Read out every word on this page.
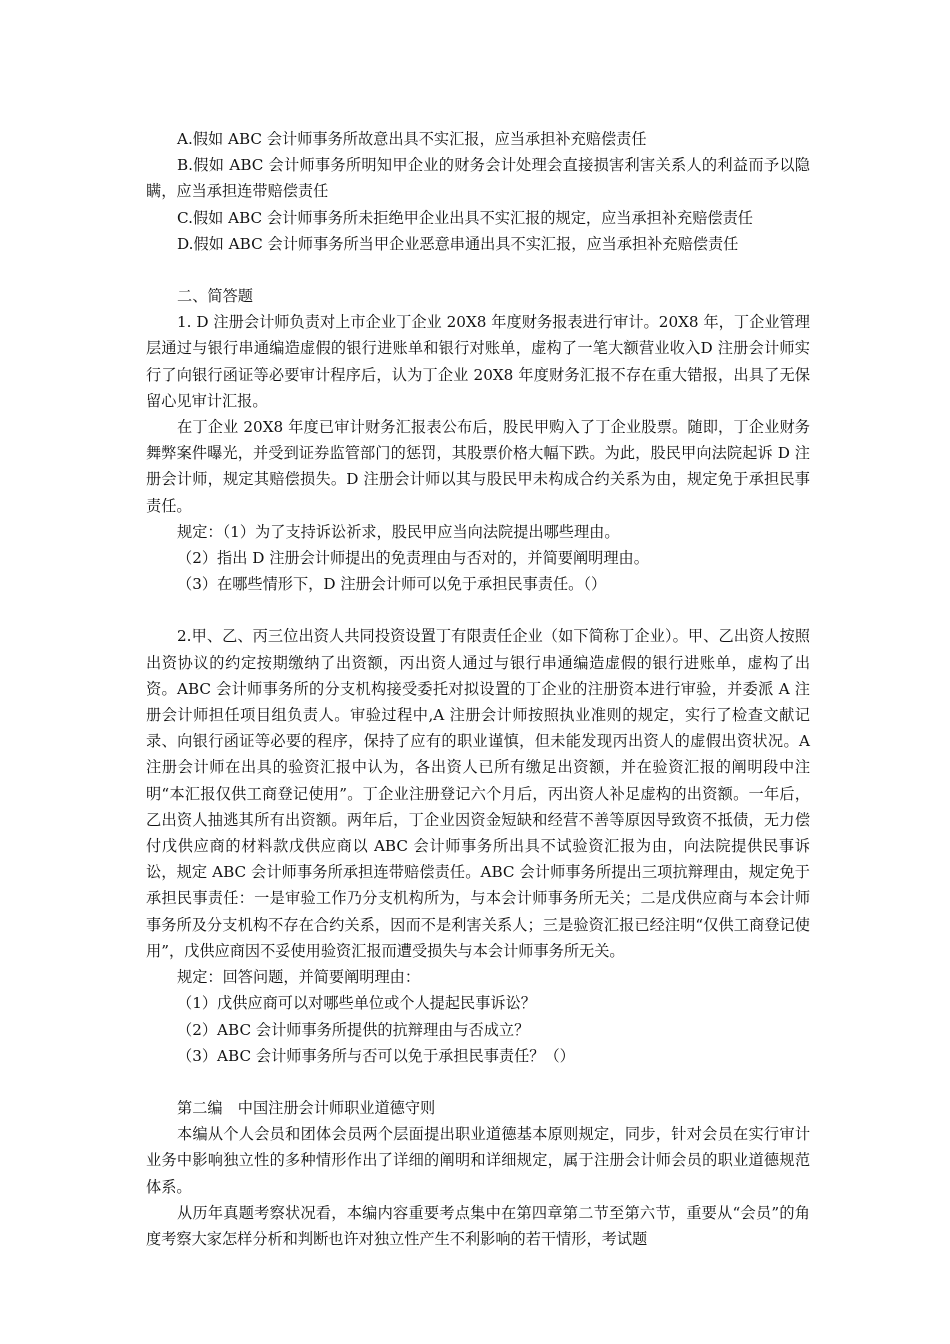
A.假如 ABC 会计师事务所故意出具不实汇报，应当承担补充赔偿责任

B.假如 ABC 会计师事务所明知甲企业的财务会计处理会直接损害利害关系人的利益而予以隐瞒，应当承担连带赔偿责任

C.假如 ABC 会计师事务所未拒绝甲企业出具不实汇报的规定，应当承担补充赔偿责任

D.假如 ABC 会计师事务所当甲企业恶意串通出具不实汇报，应当承担补充赔偿责任

二、简答题

1. D 注册会计师负责对上市企业丁企业 20X8 年度财务报表进行审计。20X8 年，丁企业管理层通过与银行串通编造虚假的银行进账单和银行对账单，虚构了一笔大额营业收入D 注册会计师实行了向银行函证等必要审计程序后，认为丁企业 20X8 年度财务汇报不存在重大错报，出具了无保留心见审计汇报。

在丁企业 20X8 年度已审计财务汇报表公布后，股民甲购入了丁企业股票。随即，丁企业财务舞弊案件曝光，并受到证券监管部门的惩罚，其股票价格大幅下跌。为此，股民甲向法院起诉 D 注册会计师，规定其赔偿损失。D 注册会计师以其与股民甲未构成合约关系为由，规定免于承担民事责任。

规定：（1）为了支持诉讼祈求，股民甲应当向法院提出哪些理由。

（2）指出 D 注册会计师提出的免责理由与否对的，并简要阐明理由。

（3）在哪些情形下，D 注册会计师可以免于承担民事责任。（）

2.甲、乙、丙三位出资人共同投资设置丁有限责任企业（如下简称丁企业）。甲、乙出资人按照出资协议的约定按期缴纳了出资额，丙出资人通过与银行串通编造虚假的银行进账单，虚构了出资。ABC 会计师事务所的分支机构接受委托对拟设置的丁企业的注册资本进行审验，并委派 A 注册会计师担任项目组负责人。审验过程中,A 注册会计师按照执业准则的规定，实行了检查文献记录、向银行函证等必要的程序，保持了应有的职业谨慎，但未能发现丙出资人的虚假出资状况。A 注册会计师在出具的验资汇报中认为，各出资人已所有缴足出资额，并在验资汇报的阐明段中注明“本汇报仅供工商登记使用”。丁企业注册登记六个月后，丙出资人补足虚构的出资额。一年后，乙出资人抽逃其所有出资额。两年后，丁企业因资金短缺和经营不善等原因导致资不抵债，无力偿付戊供应商的材料款戊供应商以 ABC 会计师事务所出具不试验资汇报为由，向法院提供民事诉讼，规定 ABC 会计师事务所承担连带赔偿责任。ABC 会计师事务所提出三项抗辩理由，规定免于承担民事责任：一是审验工作乃分支机构所为，与本会计师事务所无关；二是戊供应商与本会计师事务所及分支机构不存在合约关系，因而不是利害关系人；三是验资汇报已经注明“仅供工商登记使用”，戊供应商因不妥使用验资汇报而遭受损失与本会计师事务所无关。

规定：回答问题，并简要阐明理由：

（1）戊供应商可以对哪些单位或个人提起民事诉讼？

（2）ABC 会计师事务所提供的抗辩理由与否成立？

（3）ABC 会计师事务所与否可以免于承担民事责任？（）

第二编　中国注册会计师职业道德守则

本编从个人会员和团体会员两个层面提出职业道德基本原则规定，同步，针对会员在实行审计业务中影响独立性的多种情形作出了详细的阐明和详细规定，属于注册会计师会员的职业道德规范体系。

从历年真题考察状况看，本编内容重要考点集中在第四章第二节至第六节，重要从“会员”的角度考察大家怎样分析和判断也许对独立性产生不利影响的若干情形，考试题
